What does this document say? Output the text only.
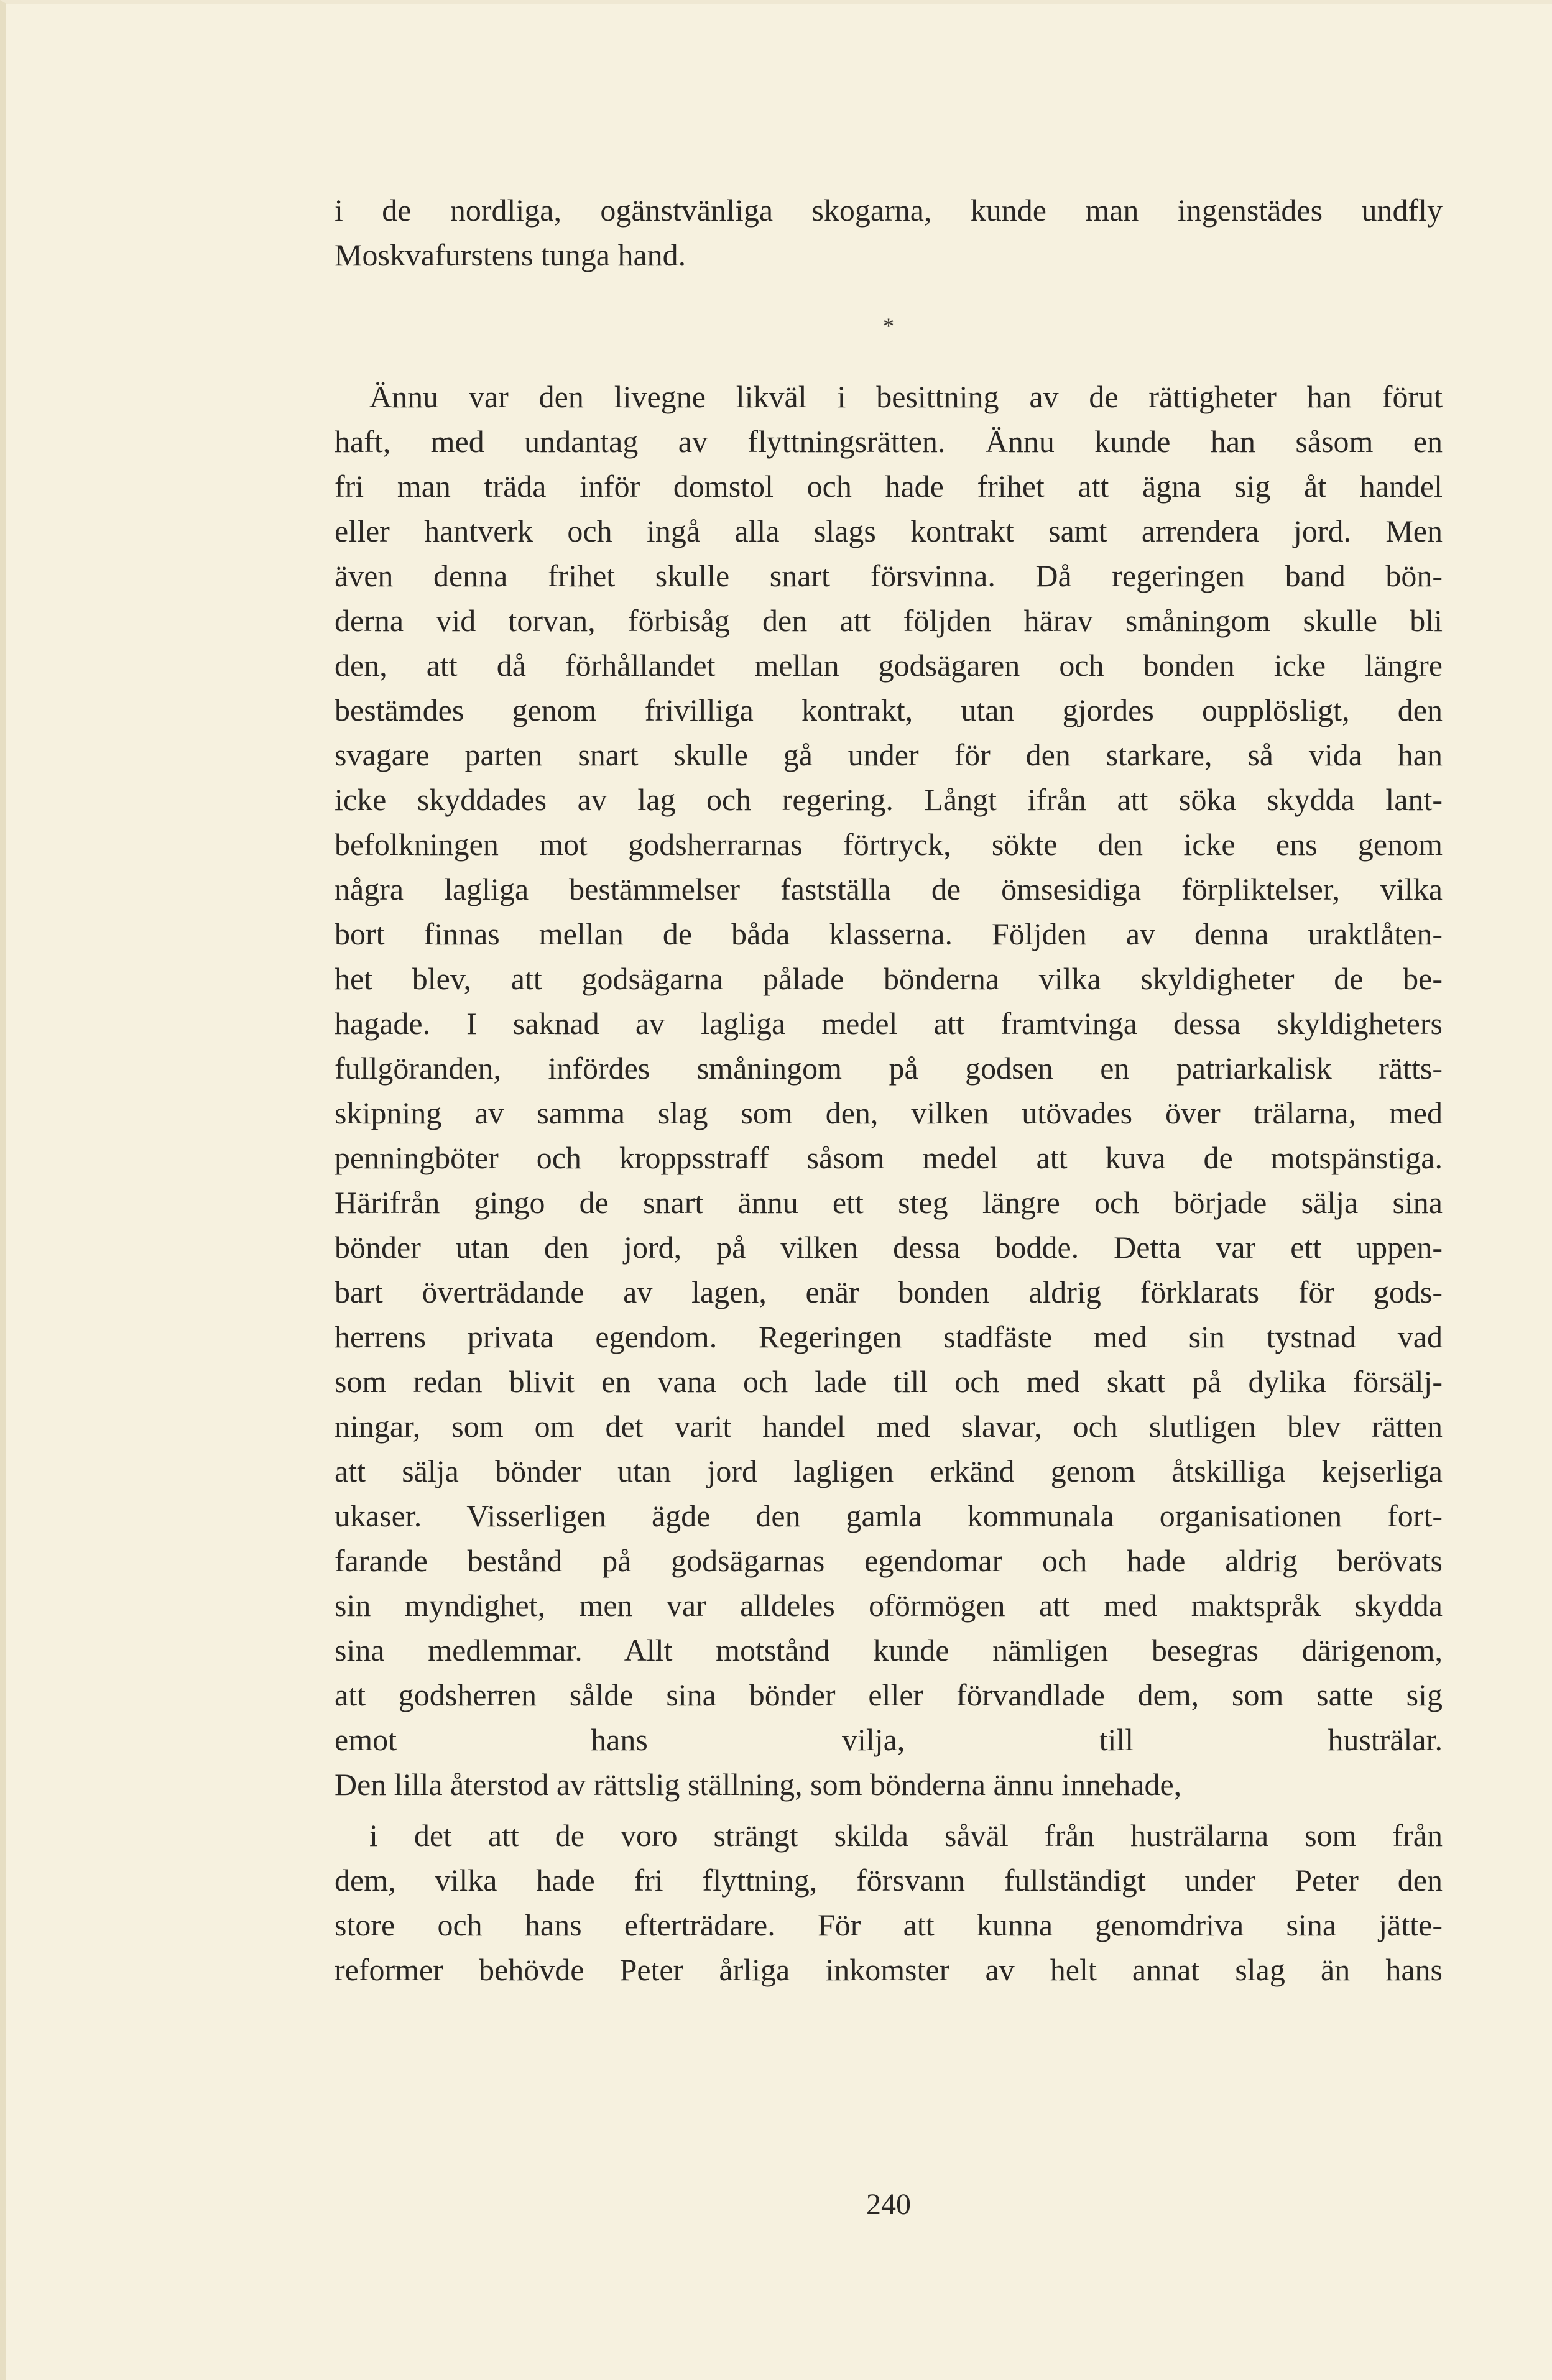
i de nordliga, ogänstvänliga skogarna, kunde man ingenstädes undfly
Moskvafurstens tunga hand.
*
Ännu var den livegne likväl i besittning av de rättigheter han förut
haft, med undantag av flyttningsrätten. Ännu kunde han såsom en
fri man träda inför domstol och hade frihet att ägna sig åt handel
eller hantverk och ingå alla slags kontrakt samt arrendera jord. Men
även denna frihet skulle snart försvinna. Då regeringen band bön-
derna vid torvan, förbisåg den att följden härav småningom skulle bli
den, att då förhållandet mellan godsägaren och bonden icke längre
bestämdes genom frivilliga kontrakt, utan gjordes oupplösligt, den
svagare parten snart skulle gå under för den starkare, så vida han
icke skyddades av lag och regering. Långt ifrån att söka skydda lant-
befolkningen mot godsherrarnas förtryck, sökte den icke ens genom
några lagliga bestämmelser fastställa de ömsesidiga förpliktelser, vilka
bort finnas mellan de båda klasserna. Följden av denna uraktlåten-
het blev, att godsägarna pålade bönderna vilka skyldigheter de be-
hagade. I saknad av lagliga medel att framtvinga dessa skyldigheters
fullgöranden, infördes småningom på godsen en patriarkalisk rätts-
skipning av samma slag som den, vilken utövades över trälarna, med
penningböter och kroppsstraff såsom medel att kuva de motspänstiga.
Härifrån gingo de snart ännu ett steg längre och började sälja sina
bönder utan den jord, på vilken dessa bodde. Detta var ett uppen-
bart överträdande av lagen, enär bonden aldrig förklarats för gods-
herrens privata egendom. Regeringen stadfäste med sin tystnad vad
som redan blivit en vana och lade till och med skatt på dylika försälj-
ningar, som om det varit handel med slavar, och slutligen blev rätten
att sälja bönder utan jord lagligen erkänd genom åtskilliga kejserliga
ukaser. Visserligen ägde den gamla kommunala organisationen fort-
farande bestånd på godsägarnas egendomar och hade aldrig berövats
sin myndighet, men var alldeles oförmögen att med maktspråk skydda
sina medlemmar. Allt motstånd kunde nämligen besegras därigenom,
att godsherren sålde sina bönder eller förvandlade dem, som satte sig
emot hans vilja, till husträlar.
Den lilla återstod av rättslig ställning, som bönderna ännu innehade,
i det att de voro strängt skilda såväl från husträlarna som från
dem, vilka hade fri flyttning, försvann fullständigt under Peter den
store och hans efterträdare. För att kunna genomdriva sina jätte-
reformer behövde Peter årliga inkomster av helt annat slag än hans
240
